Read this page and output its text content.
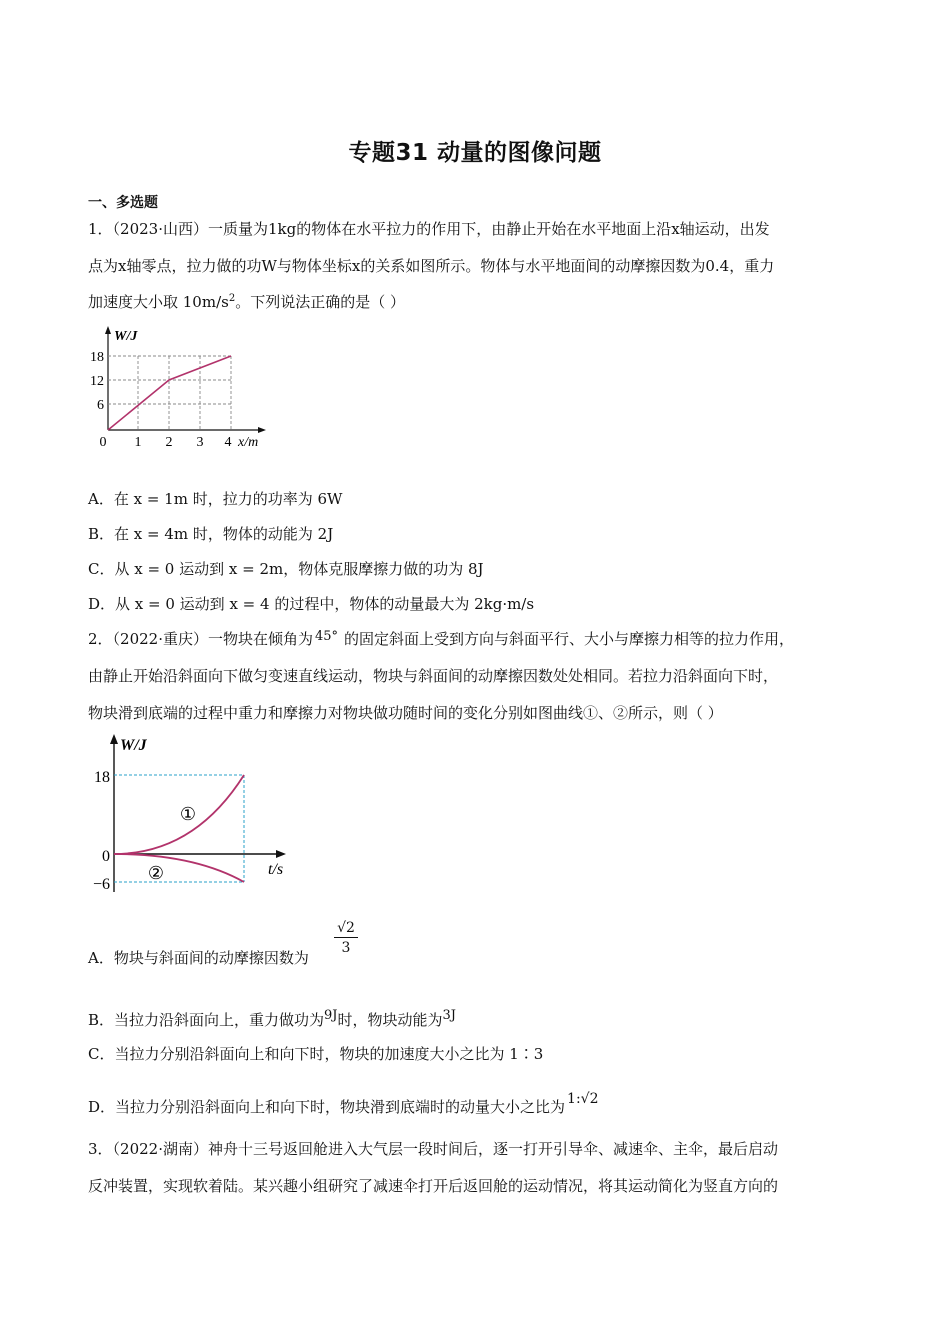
专题31 动量的图像问题
一、多选题
1．（2023·山西）一质量为1kg的物体在水平拉力的作用下，由静止开始在水平地面上沿x轴运动，出发
点为x轴零点，拉力做的功W与物体坐标x的关系如图所示。物体与水平地面间的动摩擦因数为0.4，重力
加速度大小取 $10m/s^2$。下列说法正确的是（ ）
W/J
18
12
6
0 1 2 3 4 x/m
A．在 x = 1m 时，拉力的功率为 6W
B．在 x = 4m 时，物体的动能为 2J
C．从 x = 0 运动到 x = 2m，物体克服摩擦力做的功为 8J
D．从 x = 0 运动到 x = 4 的过程中，物体的动量最大为 2kg·m/s
2．（2022·重庆）一物块在倾角为 45° 的固定斜面上受到方向与斜面平行、大小与摩擦力相等的拉力作用，
由静止开始沿斜面向下做匀变速直线运动，物块与斜面间的动摩擦因数处处相同。若拉力沿斜面向下时，
物块滑到底端的过程中重力和摩擦力对物块做功随时间的变化分别如图曲线①、②所示，则（ ）
W/J
18
0
−6
①
②	t/s
A．物块与斜面间的动摩擦因数为
$\frac{√2}{3}$
B．当拉力沿斜面向上，重力做功为9J时，物块动能为3J
C．当拉力分别沿斜面向上和向下时，物块的加速度大小之比为 1∶3
D．当拉力分别沿斜面向上和向下时，物块滑到底端时的动量大小之比为 1:√2
3．（2022·湖南）神舟十三号返回舱进入大气层一段时间后，逐一打开引导伞、减速伞、主伞，最后启动
反冲装置，实现软着陆。某兴趣小组研究了减速伞打开后返回舱的运动情况，将其运动简化为竖直方向的
